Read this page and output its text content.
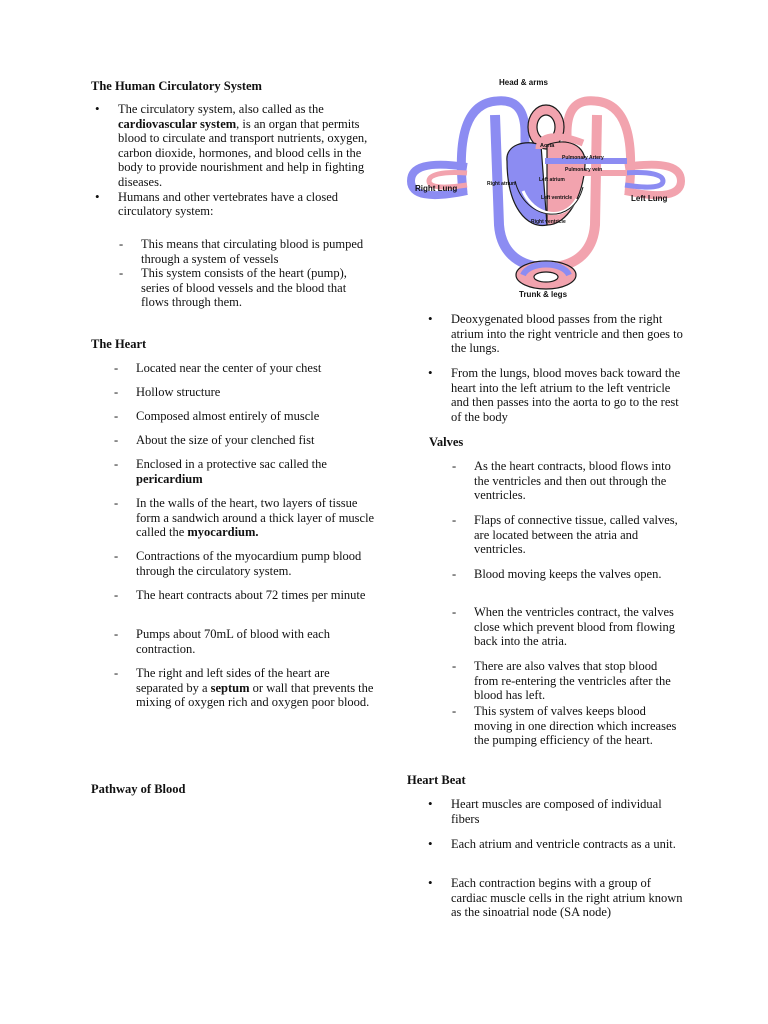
The Human Circulatory System
• The circulatory system, also called as the cardiovascular system, is an organ that permits blood to circulate and transport nutrients, oxygen, carbon dioxide, hormones, and blood cells in the body to provide nourishment and help in fighting diseases.
• Humans and other vertebrates have a closed circulatory system:
- This means that circulating blood is pumped through a system of vessels
- This system consists of the heart (pump), series of blood vessels and the blood that flows through them.
The Heart
- Located near the center of your chest
- Hollow structure
- Composed almost entirely of muscle
- About the size of your clenched fist
- Enclosed in a protective sac called the pericardium
- In the walls of the heart, two layers of tissue form a sandwich around a thick layer of muscle called the myocardium.
- Contractions of the myocardium pump blood through the circulatory system.
- The heart contracts about 72 times per minute
- Pumps about 70mL of blood with each contraction.
- The right and left sides of the heart are separated by a septum or wall that prevents the mixing of oxygen rich and oxygen poor blood.
Pathway of Blood
Head & arms
Aorta
Pulmonary Artery
Pulmonary vein
Left atrium
Right atrium
Left ventricle
Right ventricle
Right Lung
Left Lung
Trunk & legs
• Deoxygenated blood passes from the right atrium into the right ventricle and then goes to the lungs.
• From the lungs, blood moves back toward the heart into the left atrium to the left ventricle and then passes into the aorta to go to the rest of the body
Valves
- As the heart contracts, blood flows into the ventricles and then out through the ventricles.
- Flaps of connective tissue, called valves, are located between the atria and ventricles.
- Blood moving keeps the valves open.
- When the ventricles contract, the valves close which prevent blood from flowing back into the atria.
- There are also valves that stop blood from re-entering the ventricles after the blood has left.
- This system of valves keeps blood moving in one direction which increases the pumping efficiency of the heart.
Heart Beat
• Heart muscles are composed of individual fibers
• Each atrium and ventricle contracts as a unit.
• Each contraction begins with a group of cardiac muscle cells in the right atrium known as the sinoatrial node (SA node)
